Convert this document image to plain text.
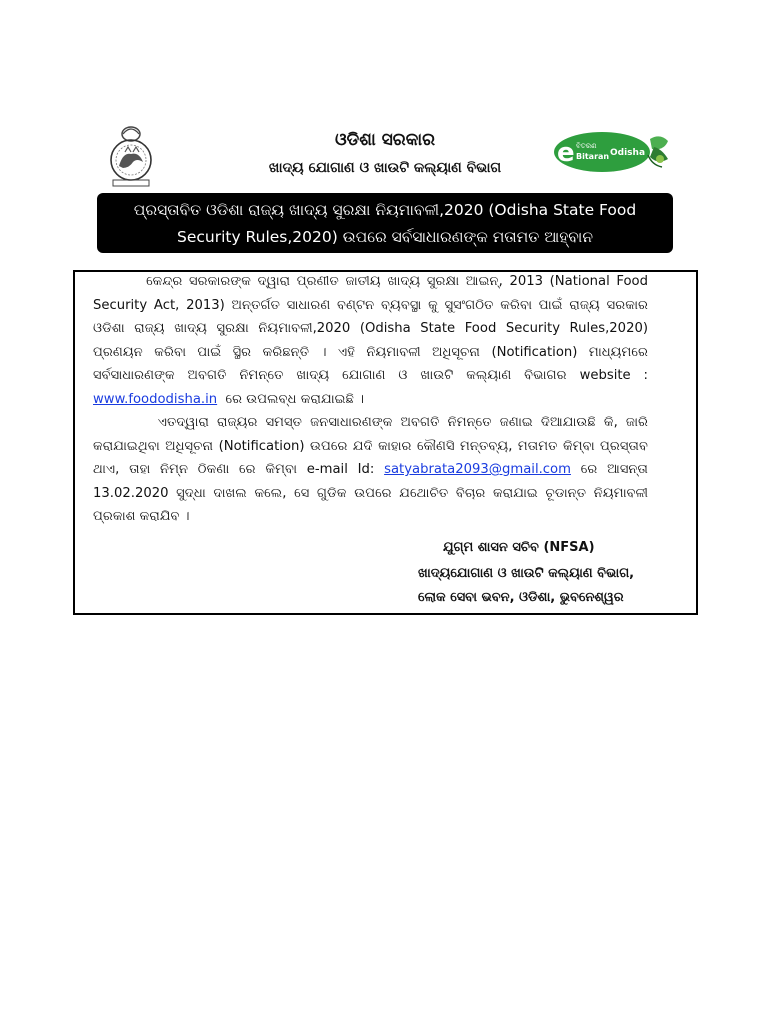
ଓଡିଶା ସରକାର
ଖାଦ୍ୟ ଯୋଗାଣ ଓ ଖାଉଟି କଲ୍ୟାଣ ବିଭାଗ	e ବିତରଣ
Bitaran Odisha
ପ୍ରସ୍ତାବିତ ଓଡିଶା ରାଜ୍ୟ ଖାଦ୍ୟ ସୁରକ୍ଷା ନିୟମାବଳୀ,2020 (Odisha State Food
Security Rules,2020) ଉପରେ ସର୍ବସାଧାରଣଙ୍କ ମତାମତ ଆହ୍ବାନ
କେନ୍ଦ୍ର ସରକାରଙ୍କ ଦ୍ୱାରା ପ୍ରଣୀତ ଜାତୀୟ ଖାଦ୍ୟ ସୁରକ୍ଷା ଆଇନ୍, 2013 (National Food Security Act, 2013) ଅନ୍ତର୍ଗତ ସାଧାରଣ ବଣ୍ଟନ ବ୍ୟବସ୍ଥା କୁ ସୁସଂଗଠିତ କରିବା ପାଇଁ ରାଜ୍ୟ ସରକାର ଓଡିଶା ରାଜ୍ୟ ଖାଦ୍ୟ ସୁରକ୍ଷା ନିୟମାବଳୀ,2020 (Odisha State Food Security Rules,2020) ପ୍ରଣୟନ କରିବା ପାଇଁ ସ୍ଥିର କରିଛନ୍ତି । ଏହି ନିୟମାବଳୀ ଅଧିସୂଚନା (Notification) ମାଧ୍ୟମରେ ସର୍ବସାଧାରଣଙ୍କ ଅବଗତି ନିମନ୍ତେ ଖାଦ୍ୟ ଯୋଗାଣ ଓ ଖାଉଟି କଲ୍ୟାଣ ବିଭାଗର website : www.foododisha.in  ରେ ଉପଲବ୍ଧ କରାଯାଇଛି ।
ଏତଦ୍ୱାରା ରାଜ୍ୟର ସମସ୍ତ ଜନସାଧାରଣଙ୍କ ଅବଗତି ନିମନ୍ତେ ଜଣାଇ ଦିଆଯାଉଛି କି, ଜାରି କରାଯାଇଥିବା ଅଧିସୂଚନା (Notification) ଉପରେ ଯଦି କାହାର କୌଣସି ମନ୍ତବ୍ୟ, ମତାମତ କିମ୍ବା ପ୍ରସ୍ତାବ ଥାଏ, ତାହା ନିମ୍ନ ଠିକଣା ରେ କିମ୍ବା e-mail Id: satyabrata2093@gmail.com ରେ ଆସନ୍ତା 13.02.2020 ସୁଦ୍ଧା ଦାଖଲ କଲେ, ସେ ଗୁଡିକ ଉପରେ ଯଥୋଚିତ ବିଚାର କରାଯାଇ ଚୂଡାନ୍ତ ନିୟମାବଳୀ ପ୍ରକାଶ କରାଯିବ ।
ଯୁଗ୍ମ ଶାସନ ସଚିବ (NFSA)
ଖାଦ୍ୟଯୋଗାଣ ଓ ଖାଉଟି କଲ୍ୟାଣ ବିଭାଗ,
ଲୋକ ସେବା ଭବନ, ଓଡିଶା, ଭୁବନେଶ୍ୱର
